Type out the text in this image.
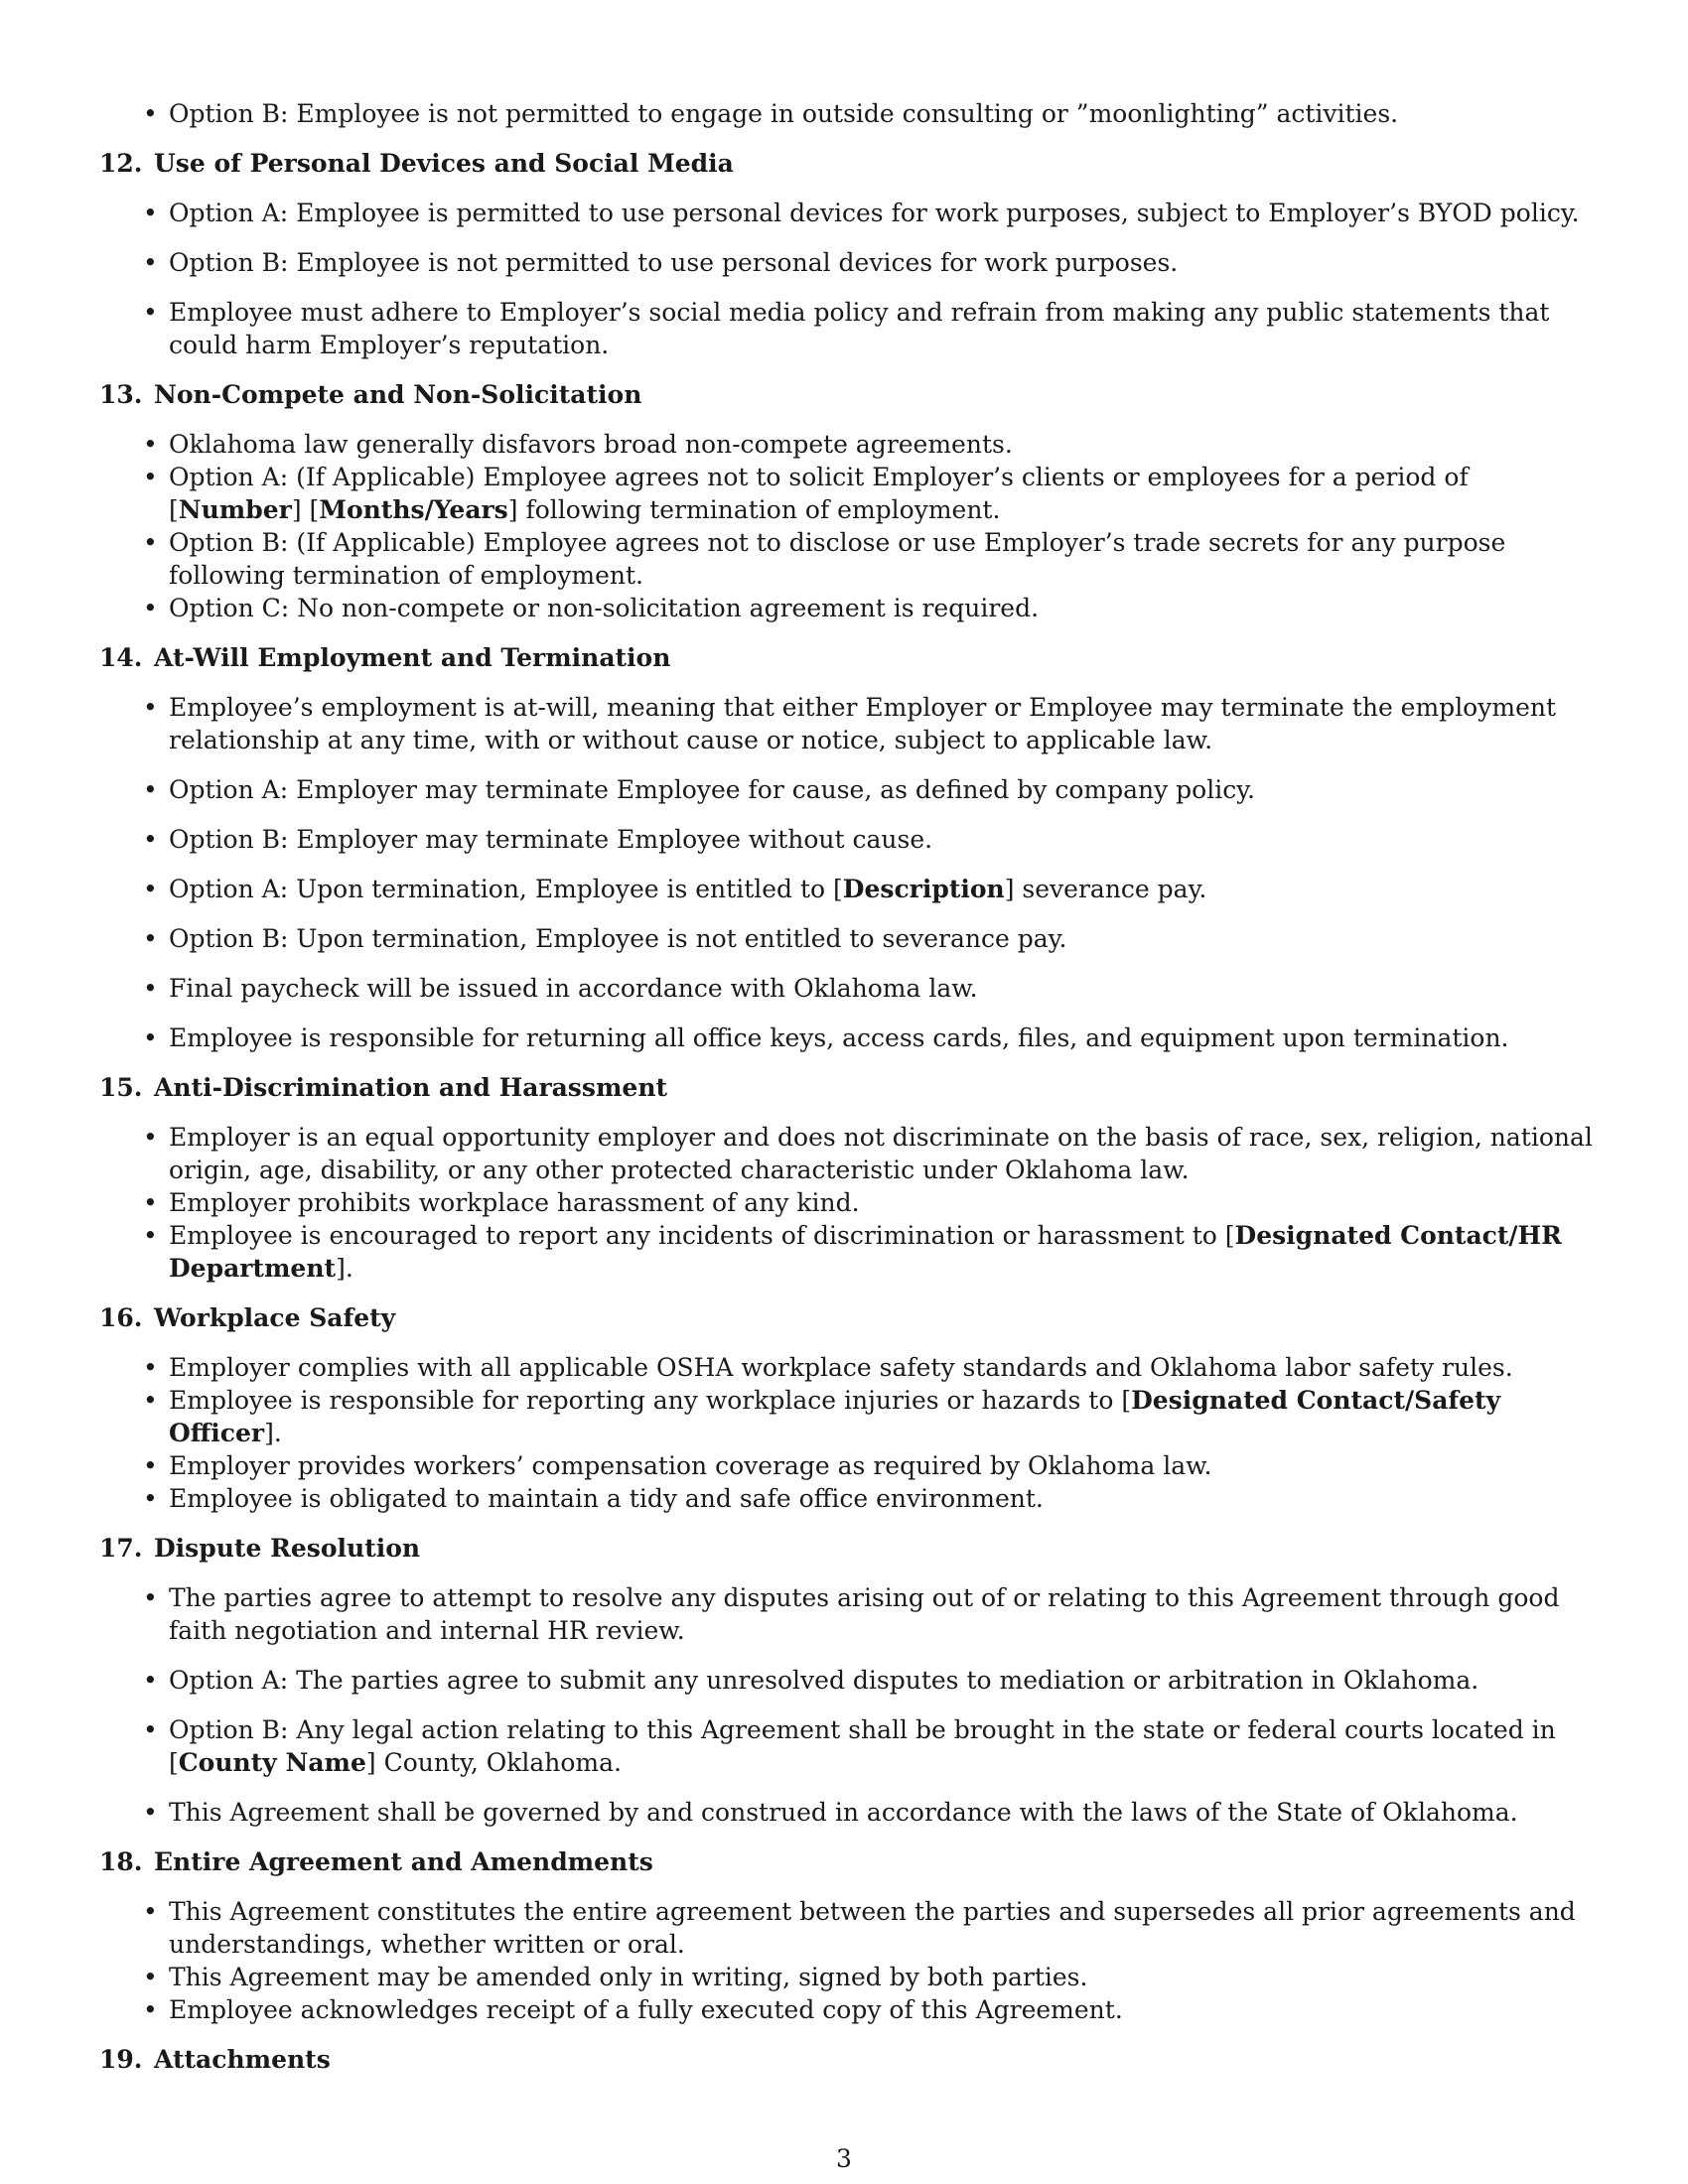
• Option B: Employee is not permitted to engage in outside consulting or ”moonlighting” activities.
12. Use of Personal Devices and Social Media
• Option A: Employee is permitted to use personal devices for work purposes, subject to Employer’s BYOD policy.
• Option B: Employee is not permitted to use personal devices for work purposes.
• Employee must adhere to Employer’s social media policy and refrain from making any public statements that could harm Employer’s reputation.
13. Non-Compete and Non-Solicitation
• Oklahoma law generally disfavors broad non-compete agreements.
• Option A: (If Applicable) Employee agrees not to solicit Employer’s clients or employees for a period of [Number] [Months/Years] following termination of employment.
• Option B: (If Applicable) Employee agrees not to disclose or use Employer’s trade secrets for any purpose following termination of employment.
• Option C: No non-compete or non-solicitation agreement is required.
14. At-Will Employment and Termination
• Employee’s employment is at-will, meaning that either Employer or Employee may terminate the employment relationship at any time, with or without cause or notice, subject to applicable law.
• Option A: Employer may terminate Employee for cause, as defined by company policy.
• Option B: Employer may terminate Employee without cause.
• Option A: Upon termination, Employee is entitled to [Description] severance pay.
• Option B: Upon termination, Employee is not entitled to severance pay.
• Final paycheck will be issued in accordance with Oklahoma law.
• Employee is responsible for returning all office keys, access cards, files, and equipment upon termination.
15. Anti-Discrimination and Harassment
• Employer is an equal opportunity employer and does not discriminate on the basis of race, sex, religion, national origin, age, disability, or any other protected characteristic under Oklahoma law.
• Employer prohibits workplace harassment of any kind.
• Employee is encouraged to report any incidents of discrimination or harassment to [Designated Contact/HR Department].
16. Workplace Safety
• Employer complies with all applicable OSHA workplace safety standards and Oklahoma labor safety rules.
• Employee is responsible for reporting any workplace injuries or hazards to [Designated Contact/Safety Officer].
• Employer provides workers’ compensation coverage as required by Oklahoma law.
• Employee is obligated to maintain a tidy and safe office environment.
17. Dispute Resolution
• The parties agree to attempt to resolve any disputes arising out of or relating to this Agreement through good faith negotiation and internal HR review.
• Option A: The parties agree to submit any unresolved disputes to mediation or arbitration in Oklahoma.
• Option B: Any legal action relating to this Agreement shall be brought in the state or federal courts located in [County Name] County, Oklahoma.
• This Agreement shall be governed by and construed in accordance with the laws of the State of Oklahoma.
18. Entire Agreement and Amendments
• This Agreement constitutes the entire agreement between the parties and supersedes all prior agreements and understandings, whether written or oral.
• This Agreement may be amended only in writing, signed by both parties.
• Employee acknowledges receipt of a fully executed copy of this Agreement.
19. Attachments
3
